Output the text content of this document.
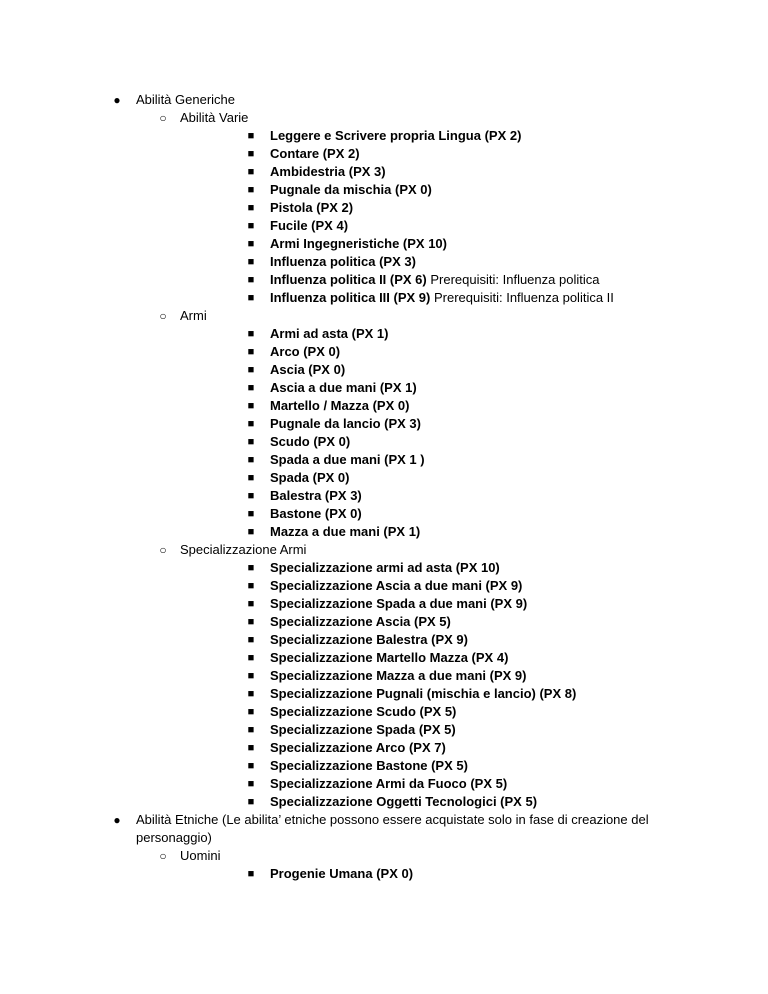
● Abilità Generiche
○ Abilità Varie
■ Leggere e Scrivere propria Lingua (PX 2)
■ Contare (PX 2)
■ Ambidestria (PX 3)
■ Pugnale da mischia (PX 0)
■ Pistola (PX 2)
■ Fucile (PX 4)
■ Armi Ingegneristiche (PX 10)
■ Influenza politica (PX 3)
■ Influenza politica II (PX 6) Prerequisiti: Influenza politica
■ Influenza politica III (PX 9) Prerequisiti: Influenza politica II
○ Armi
■ Armi ad asta (PX 1)
■ Arco (PX 0)
■ Ascia (PX 0)
■ Ascia a due mani (PX 1)
■ Martello / Mazza (PX 0)
■ Pugnale da lancio (PX 3)
■ Scudo (PX 0)
■ Spada a due mani (PX 1 )
■ Spada (PX 0)
■ Balestra (PX 3)
■ Bastone (PX 0)
■ Mazza a due mani (PX 1)
○ Specializzazione Armi
■ Specializzazione armi ad asta (PX 10)
■ Specializzazione Ascia a due mani (PX 9)
■ Specializzazione Spada a due mani (PX 9)
■ Specializzazione Ascia (PX 5)
■ Specializzazione Balestra (PX 9)
■ Specializzazione Martello Mazza (PX 4)
■ Specializzazione Mazza a due mani (PX 9)
■ Specializzazione Pugnali (mischia e lancio) (PX 8)
■ Specializzazione Scudo (PX 5)
■ Specializzazione Spada (PX 5)
■ Specializzazione Arco (PX 7)
■ Specializzazione Bastone (PX 5)
■ Specializzazione Armi da Fuoco (PX 5)
■ Specializzazione Oggetti Tecnologici (PX 5)
● Abilità Etniche (Le abilita’ etniche possono essere acquistate solo in fase di creazione del personaggio)
○ Uomini
■ Progenie Umana (PX 0)
